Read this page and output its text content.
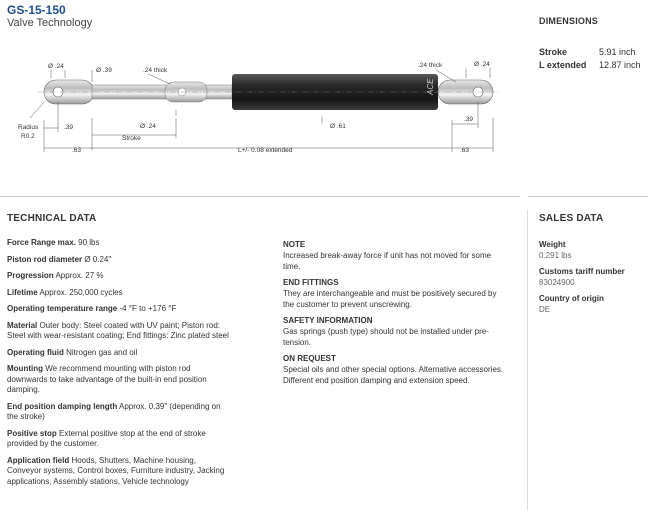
GS-15-150
Valve Technology
ACE
Ø .24
Ø .39	.24 thick
Ø .24
Stroke
Ø .61
Radius
R0.2
.39
.63	L+/- 0.08 extended	.63
.39
.24 thick	Ø .24
DIMENSIONS
Stroke	5.91 inch
L extended 12.87 inch
TECHNICAL DATA	SALES DATA
Force Range max. 90 lbs
Piston rod diameter Ø 0.24"
Progression Approx. 27 %
Lifetime Approx. 250,000 cycles
Operating temperature range -4 °F to +176 °F
Material Outer body: Steel coated with UV paint; Piston rod: Steel with wear-resistant coating; End fittings: Zinc plated steel
Operating fluid Nitrogen gas and oil
Mounting We recommend mounting with piston rod downwards to take advantage of the built-in end position damping.
End position damping length Approx. 0.39" (depending on the stroke)
Positive stop External positive stop at the end of stroke provided by the customer.
Application field Hoods, Shutters, Machine housing, Conveyor systems, Control boxes, Furniture industry, Jacking applications, Assembly stations, Vehicle technology
NOTE
Increased break-away force if unit has not moved for some time.
END FITTINGS
They are interchangeable and must be positively secured by the customer to prevent unscrewing.
SAFETY INFORMATION
Gas springs (push type) should not be installed under pre-tension.
ON REQUEST
Special oils and other special options. Alternative accessories. Different end position damping and extension speed.
Weight
0.291 lbs
Customs tariff number
83024900
Country of origin
DE
